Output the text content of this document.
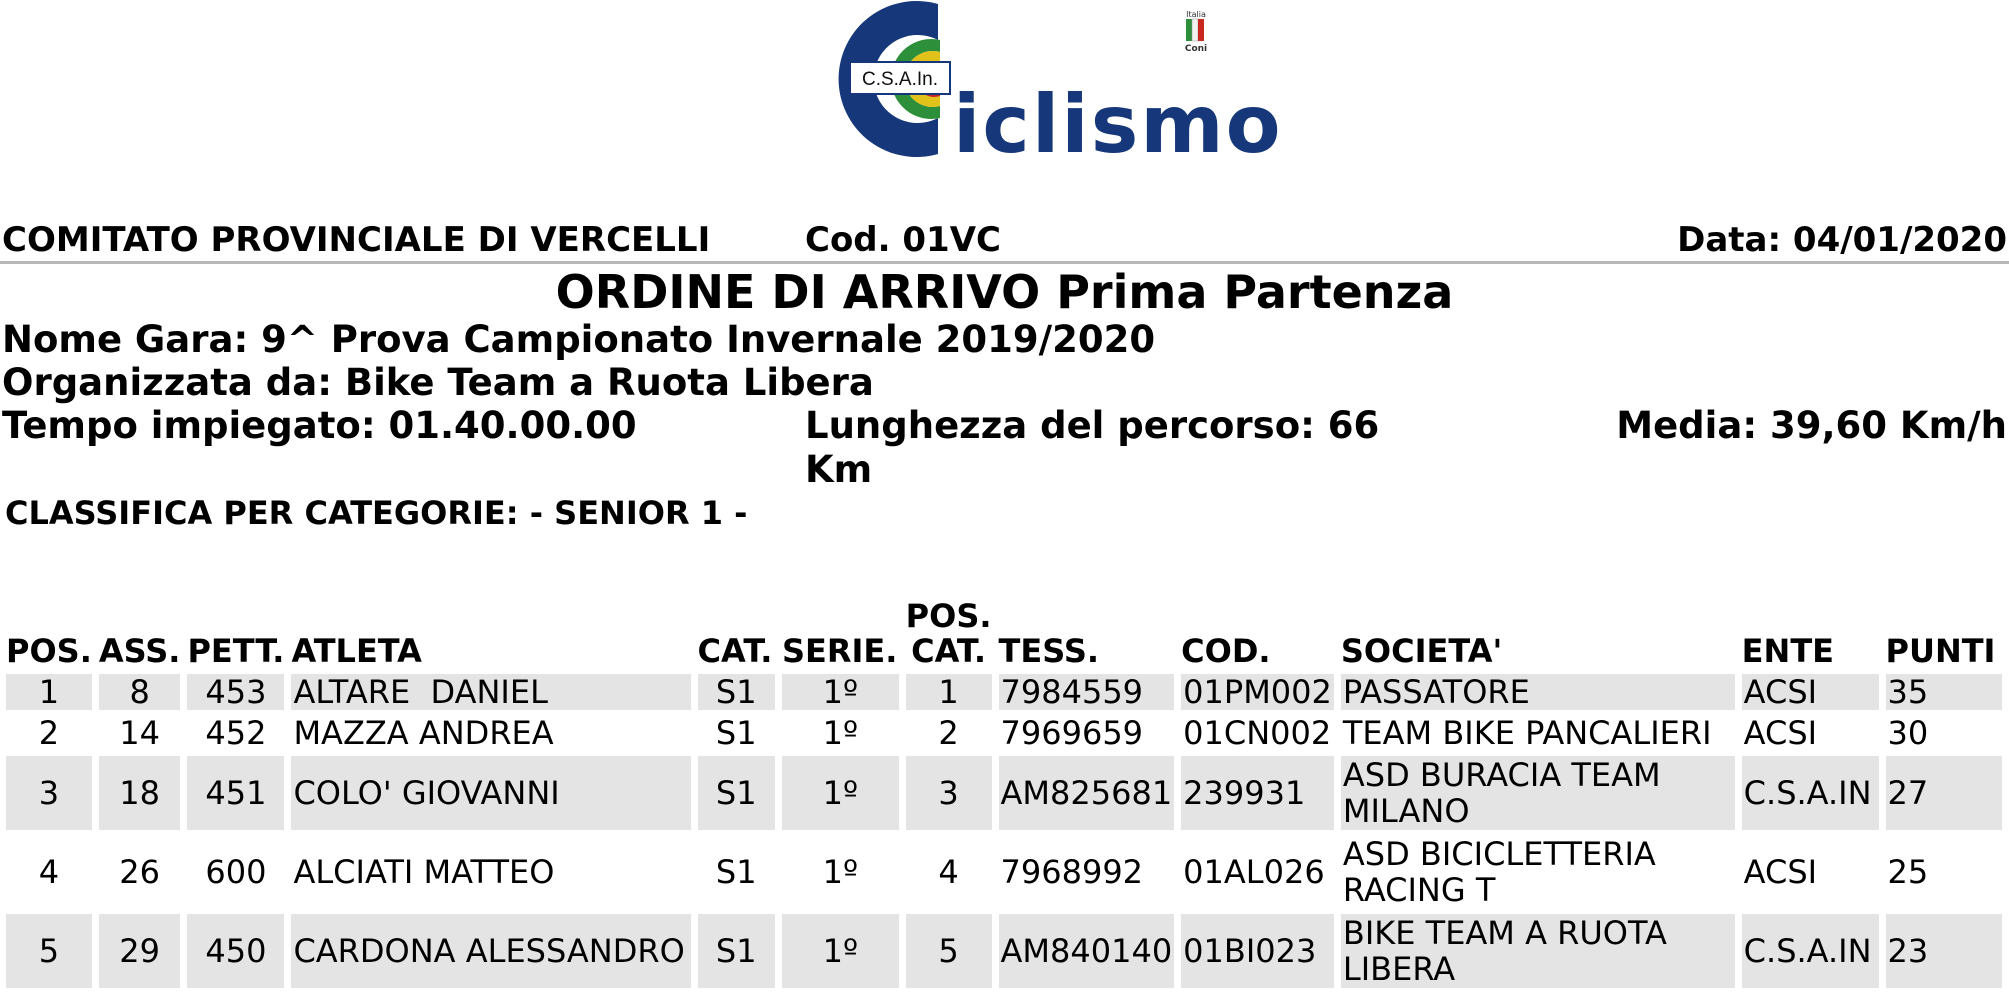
C.S.A.In. iclismo
Italia
Coni
COMITATO PROVINCIALE DI VERCELLI	Cod. 01VC	Data: 04/01/2020
ORDINE DI ARRIVO Prima Partenza
Nome Gara: 9^ Prova Campionato Invernale 2019/2020
Organizzata da: Bike Team a Ruota Libera
Tempo impiegato: 01.40.00.00	Lunghezza del percorso: 66 Km
Media: 39,60 Km/h
CLASSIFICA PER CATEGORIE: - SENIOR 1 -
POS.	ASS.	PETT.	ATLETA	CAT.	SERIE.	POS. CAT.	TESS.	COD.	SOCIETA'	ENTE	PUNTI
1	8	453	ALTARE  DANIEL	S1	1º	1	7984559	01PM002	PASSATORE	ACSI	35
2	14	452	MAZZA ANDREA	S1	1º	2	7969659	01CN002	TEAM BIKE PANCALIERI	ACSI	30
3	18	451	COLO' GIOVANNI	S1	1º	3	AM825681	239931	ASD BURACIA TEAM MILANO	C.S.A.IN	27
4	26	600	ALCIATI MATTEO	S1	1º	4	7968992	01AL026	ASD BICICLETTERIA RACING T	ACSI	25
5	29	450	CARDONA ALESSANDRO	S1	1º	5	AM840140	01BI023	BIKE TEAM A RUOTA LIBERA	C.S.A.IN	23
